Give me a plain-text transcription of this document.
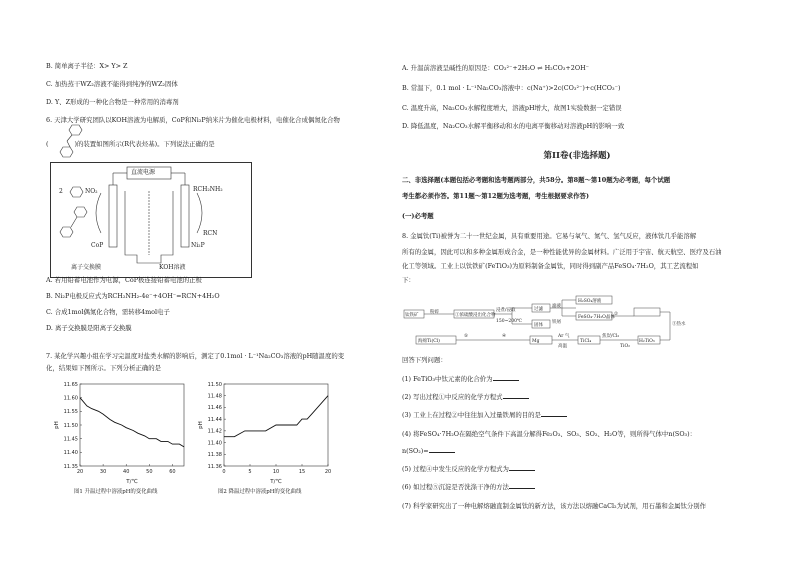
B. 简单离子半径：X> Y> Z
C. 加热蒸干WZ₂溶液不能得到纯净的WZ₂固体
D. Y、Z形成的一种化合物是一种常用的消毒剂
6. 天津大学研究团队以KOH溶液为电解质，CoP和Ni₂P纳米片为催化电极材料，电催化合成偶氮化合物
(	)的装置如图所示(R代表烃基)。下列说法正确的是
直流电源
2	NO₂	RCH₂NH₂
RCN
CoP	Ni₂P
离子交换膜	KOH溶液
A. 若用铅蓄电池作为电源，CoP极连接铅蓄电池的正极
B. Ni₂P电极反应式为RCH₂NH₂-4e⁻+4OH⁻=RCN+4H₂O
C. 合成1mol偶氮化合物，需转移4mol电子
D. 离子交换膜是阳离子交换膜
7. 某化学兴趣小组在学习完温度对盐类水解的影响后，测定了0.1mol · L⁻¹Na₂CO₃溶液的pH随温度的变
化，结果如下图所示。下列分析正确的是
11.35
11.40
11.45
11.50
11.55
11.60
11.65
20	30	40	50	60
pH
T/℃
11.36
11.38
11.40
11.42
11.44
11.46
11.48
11.50
0	5	10	15	20
pH
T/℃
图1 升温过程中溶液pH的变化曲线	图2 降温过程中溶液pH的变化曲线
A. 升温前溶液呈碱性的原因是：CO₃²⁻+2H₂O ⇌ H₂CO₃+2OH⁻
B. 常温下，0.1 mol · L⁻¹Na₂CO₃溶液中：c(Na⁺)>2c(CO₃²⁻)+c(HCO₃⁻)
C. 温度升高，Na₂CO₃水解程度增大，溶液pH增大，故图1实验数据一定错误
D. 降低温度，Na₂CO₃水解平衡移动和水的电离平衡移动对溶液pH的影响一致
第II卷(非选择题)
二、非选择题(本题包括必考题和选考题两部分，共58分。第8题～第10题为必考题，每个试题
考生都必须作答。第11题～第12题为选考题，考生根据要求作答)
(一)必考题
8. 金属钛(Ti)被誉为二十一世纪金属，具有重要用途。它易与氧气、氮气、氢气反应，液体钛几乎能溶解
所有的金属，因此可以和多种金属形成合金，是一种性能优异的金属材料。广泛用于宇宙、航天航空、医疗及石油
化工等领域。工业上以钛铁矿(FeTiO₃)为原料制备金属钛，同时得到副产品FeSO₄·7H₂O，其工艺流程如
下：
钛铁矿
粉碎
①浓硫酸浸出化合物
浸煮/浸取
150~200℃
过滤
固体
滤液
铁屑
H₂SO₄溶液
FeSO₄·7H₂O晶体
②
③热水
H₂TiO₃
TiO₂
TiCl₄
焦炭/Cl₂
Mg
Ar 气
高温
海绵Ti(Cl)
④
⑤
回答下列问题：
(1) FeTiO₃中钛元素的化合价为
(2) 写出过程①中反应的化学方程式
(3) 工业上在过程②中往往加入过量铁屑的目的是
(4) 将FeSO₄·7H₂O在隔绝空气条件下高温分解得Fe₂O₃、SO₃、SO₂、H₂O等，则所得气体中n(SO₃)：
n(SO₂)=
(5) 过程④中发生反应的化学方程式为
(6) 如过程⑤沉淀是否洗涤干净的方法
(7) 科学家研究出了一种电解熔融直制金属钛的新方法，该方法以熔融CaCl₂为试剂，用石墨和金属钛分别作
